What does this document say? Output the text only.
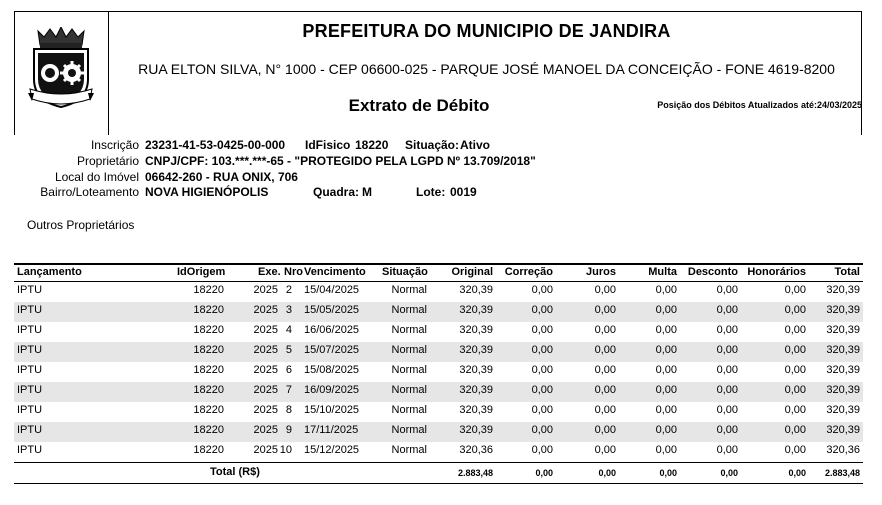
PREFEITURA DO MUNICIPIO DE JANDIRA
RUA ELTON SILVA, N° 1000 - CEP 06600-025 - PARQUE JOSÉ MANOEL DA CONCEIÇÃO - FONE 4619-8200
Extrato de Débito	Posição dos Débitos Atualizados até:24/03/2025
Inscrição 23231-41-53-0425-00-000 IdFisico 18220 Situação: Ativo
Proprietário CNPJ/CPF: 103.***.***-65 - "PROTEGIDO PELA LGPD Nº 13.709/2018"
Local do Imóvel 06642-260 - RUA ONIX, 706
Bairro/Loteamento NOVA HIGIENÓPOLIS	Quadra: M	Lote: 0019
Outros Proprietários
Lançamento	IdOrigem	Exe. Nro Vencimento Situação Original Correção	Juros	Multa Desconto Honorários	Total
IPTU	18220	2025 2 15/04/2025	Normal	320,39	0,00	0,00	0,00	0,00	0,00 320,39
IPTU	18220	2025 3 15/05/2025	Normal	320,39	0,00	0,00	0,00	0,00	0,00 320,39
IPTU	18220	2025 4 16/06/2025	Normal	320,39	0,00	0,00	0,00	0,00	0,00 320,39
IPTU	18220	2025 5 15/07/2025	Normal	320,39	0,00	0,00	0,00	0,00	0,00 320,39
IPTU	18220	2025 6 15/08/2025	Normal	320,39	0,00	0,00	0,00	0,00	0,00 320,39
IPTU	18220	2025 7 16/09/2025	Normal	320,39	0,00	0,00	0,00	0,00	0,00 320,39
IPTU	18220	2025 8 15/10/2025	Normal	320,39	0,00	0,00	0,00	0,00	0,00 320,39
IPTU	18220	2025 9 17/11/2025	Normal	320,39	0,00	0,00	0,00	0,00	0,00 320,39
IPTU	18220	2025 10 15/12/2025	Normal	320,36	0,00	0,00	0,00	0,00	0,00 320,36
Total (R$)	2.883,48	0,00	0,00	0,00	0,00	0,00 2.883,48
